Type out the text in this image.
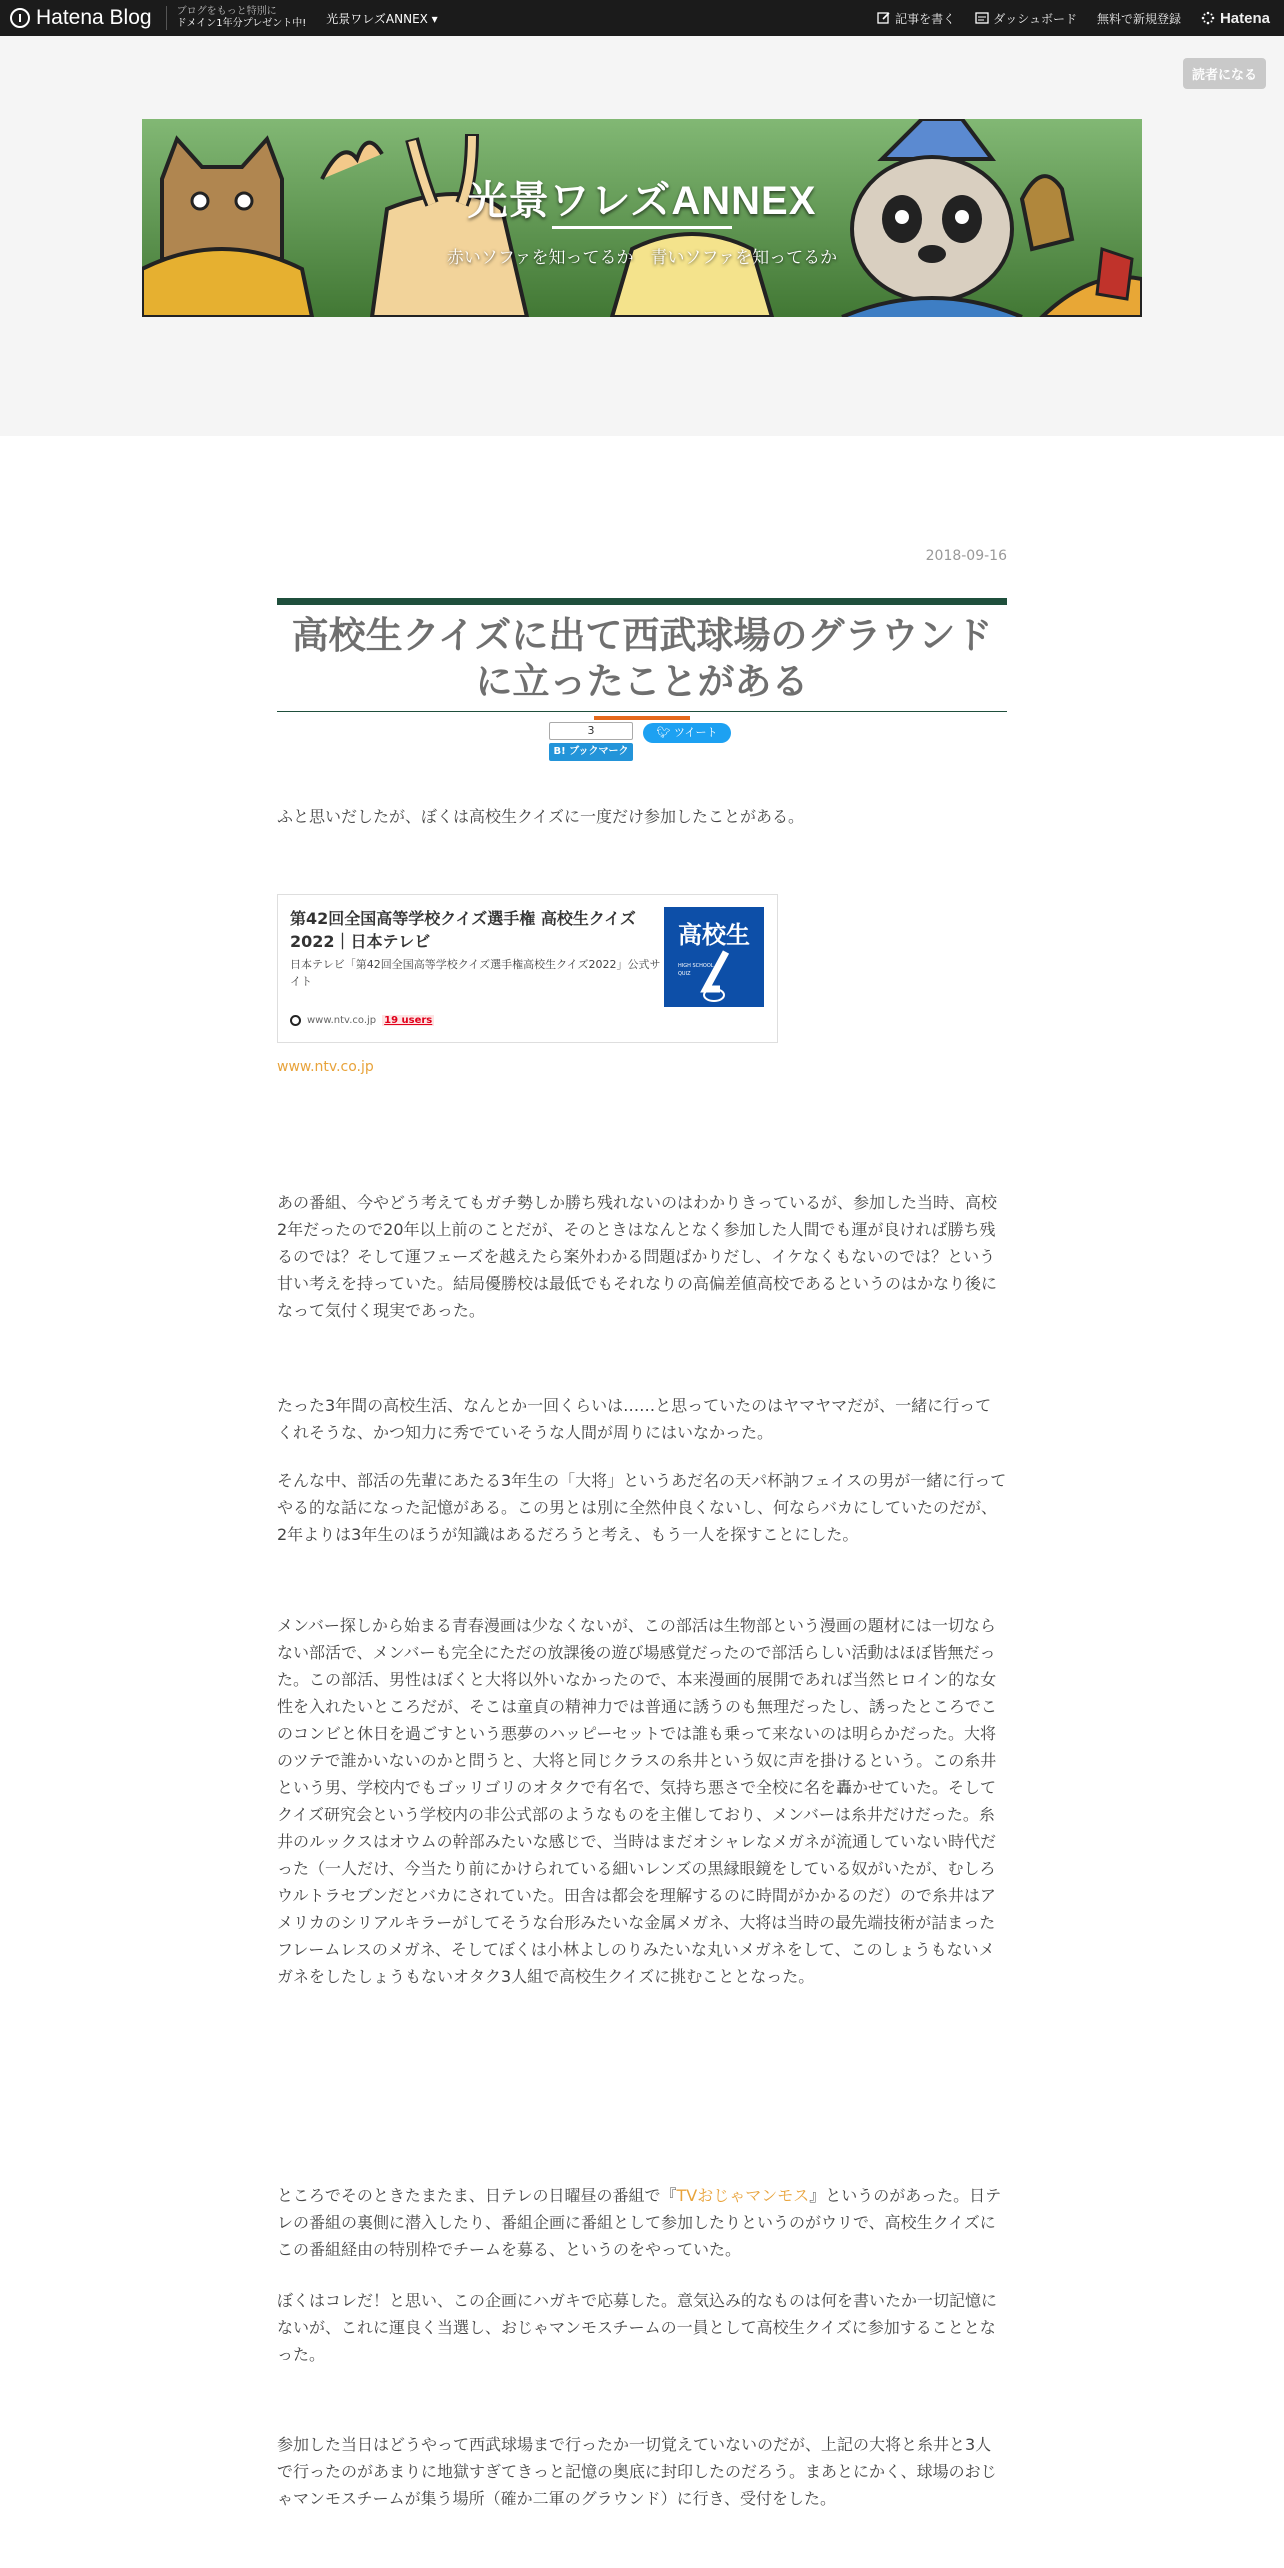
Hatena Blog	ブログをもっと特別に
ドメイン1年分プレゼント中! 光景ワレズANNEX ▾	記事を書く	ダッシュボード 無料で新規登録	Hatena
読者になる
光景ワレズANNEX
赤いソファを知ってるか　青いソファを知ってるか
2018-09-16
高校生クイズに出て西武球場のグラウンドに立ったことがある
3
B! ブックマーク
🐦︎ ツイート

ふと思いだしたが、ぼくは高校生クイズに一度だけ参加したことがある。

第42回全国高等学校クイズ選手権 高校生クイズ2022｜日本テレビ
日本テレビ「第42回全国高等学校クイズ選手権高校生クイズ2022」公式サイト
高校生
HIGH SCHOOL
QUIZ
www.ntv.co.jp 19 users
www.ntv.co.jp

あの番組、今やどう考えてもガチ勢しか勝ち残れないのはわかりきっているが、参加した当時、高校2年だったので20年以上前のことだが、そのときはなんとなく参加した人間でも運が良ければ勝ち残るのでは？そして運フェーズを越えたら案外わかる問題ばかりだし、イケなくもないのでは？という甘い考えを持っていた。結局優勝校は最低でもそれなりの高偏差値高校であるというのはかなり後になって気付く現実であった。

たった3年間の高校生活、なんとか一回くらいは……と思っていたのはヤマヤマだが、一緒に行ってくれそうな、かつ知力に秀でていそうな人間が周りにはいなかった。

そんな中、部活の先輩にあたる3年生の「大将」というあだ名の天パ杯訥フェイスの男が一緒に行ってやる的な話になった記憶がある。この男とは別に全然仲良くないし、何ならバカにしていたのだが、2年よりは3年生のほうが知識はあるだろうと考え、もう一人を探すことにした。

メンバー探しから始まる青春漫画は少なくないが、この部活は生物部という漫画の題材には一切ならない部活で、メンバーも完全にただの放課後の遊び場感覚だったので部活らしい活動はほぼ皆無だった。この部活、男性はぼくと大将以外いなかったので、本来漫画的展開であれば当然ヒロイン的な女性を入れたいところだが、そこは童貞の精神力では普通に誘うのも無理だったし、誘ったところでこのコンビと休日を過ごすという悪夢のハッピーセットでは誰も乗って来ないのは明らかだった。大将のツテで誰かいないのかと問うと、大将と同じクラスの糸井という奴に声を掛けるという。この糸井という男、学校内でもゴッリゴリのオタクで有名で、気持ち悪さで全校に名を轟かせていた。そしてクイズ研究会という学校内の非公式部のようなものを主催しており、メンバーは糸井だけだった。糸井のルックスはオウムの幹部みたいな感じで、当時はまだオシャレなメガネが流通していない時代だった（一人だけ、今当たり前にかけられている細いレンズの黒縁眼鏡をしている奴がいたが、むしろウルトラセブンだとバカにされていた。田舎は都会を理解するのに時間がかかるのだ）ので糸井はアメリカのシリアルキラーがしてそうな台形みたいな金属メガネ、大将は当時の最先端技術が詰まったフレームレスのメガネ、そしてぼくは小林よしのりみたいな丸いメガネをして、このしょうもないメガネをしたしょうもないオタク3人組で高校生クイズに挑むこととなった。

ところでそのときたまたま、日テレの日曜昼の番組で『TVおじゃマンモス』というのがあった。日テレの番組の裏側に潜入したり、番組企画に番組として参加したりというのがウリで、高校生クイズにこの番組経由の特別枠でチームを募る、というのをやっていた。

ぼくはコレだ！と思い、この企画にハガキで応募した。意気込み的なものは何を書いたか一切記憶にないが、これに運良く当選し、おじゃマンモスチームの一員として高校生クイズに参加することとなった。

参加した当日はどうやって西武球場まで行ったか一切覚えていないのだが、上記の大将と糸井と3人で行ったのがあまりに地獄すぎてきっと記憶の奥底に封印したのだろう。まあとにかく、球場のおじゃマンモスチームが集う場所（確か二軍のグラウンド）に行き、受付をした。
